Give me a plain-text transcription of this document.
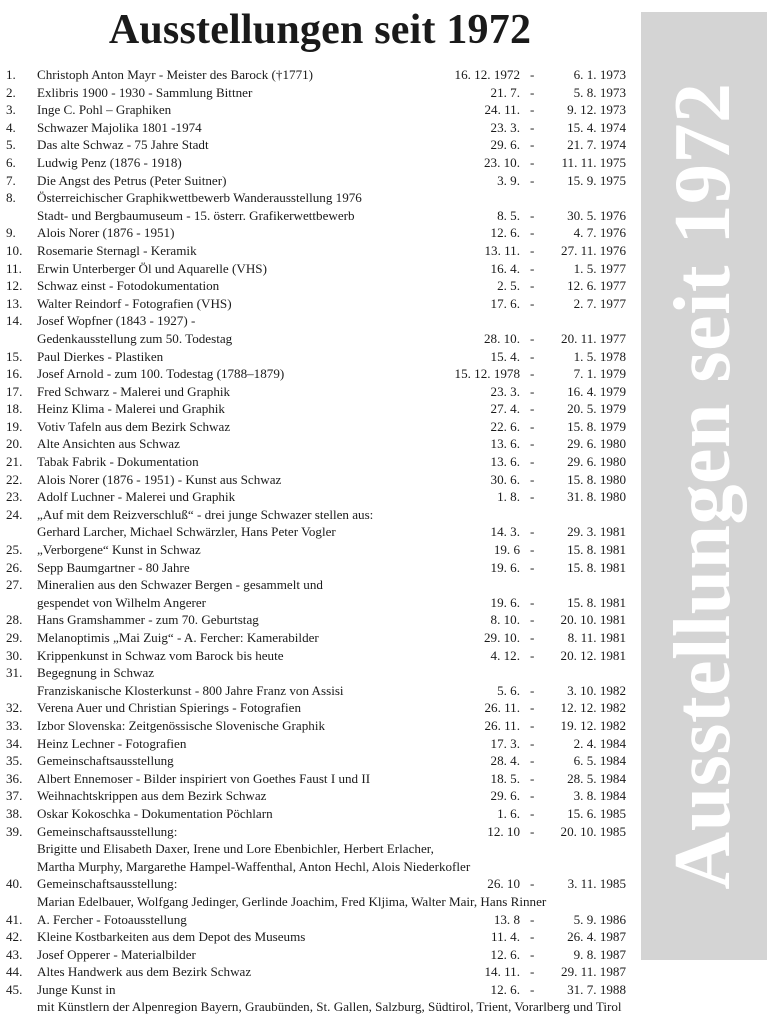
Ausstellungen seit 1972
Ausstellungen seit 1972
1. Christoph Anton Mayr - Meister des Barock (†1771)	16. 12. 1972 -	6. 1. 1973
2. Exlibris 1900 - 1930 - Sammlung Bittner	21. 7. -	5. 8. 1973
3. Inge C. Pohl – Graphiken	24. 11. -	9. 12. 1973
4. Schwazer Majolika 1801 -1974	23. 3. -	15. 4. 1974
5. Das alte Schwaz - 75 Jahre Stadt	29. 6. -	21. 7. 1974
6. Ludwig Penz (1876 - 1918)	23. 10. -	11. 11. 1975
7. Die Angst des Petrus (Peter Suitner)	3. 9. -	15. 9. 1975
8. Österreichischer Graphikwettbewerb Wanderausstellung 1976
Stadt- und Bergbaumuseum - 15. österr. Grafikerwettbewerb	8. 5. -	30. 5. 1976
9. Alois Norer (1876 - 1951)	12. 6. -	4. 7. 1976
10. Rosemarie Sternagl - Keramik	13. 11. -	27. 11. 1976
11. Erwin Unterberger Öl und Aquarelle (VHS)	16. 4. -	1. 5. 1977
12. Schwaz einst - Fotodokumentation	2. 5. -	12. 6. 1977
13. Walter Reindorf - Fotografien (VHS)	17. 6. -	2. 7. 1977
14. Josef Wopfner (1843 - 1927) -
Gedenkausstellung zum 50. Todestag	28. 10. -	20. 11. 1977
15. Paul Dierkes - Plastiken	15. 4. -	1. 5. 1978
16. Josef Arnold - zum 100. Todestag (1788–1879)	15. 12. 1978 -	7. 1. 1979
17. Fred Schwarz - Malerei und Graphik	23. 3. -	16. 4. 1979
18. Heinz Klima - Malerei und Graphik	27. 4. -	20. 5. 1979
19. Votiv Tafeln aus dem Bezirk Schwaz	22. 6. -	15. 8. 1979
20. Alte Ansichten aus Schwaz	13. 6. -	29. 6. 1980
21. Tabak Fabrik - Dokumentation	13. 6. -	29. 6. 1980
22. Alois Norer (1876 - 1951) - Kunst aus Schwaz	30. 6. -	15. 8. 1980
23. Adolf Luchner - Malerei und Graphik	1. 8. -	31. 8. 1980
24. „Auf mit dem Reizverschluß“ - drei junge Schwazer stellen aus:
Gerhard Larcher, Michael Schwärzler, Hans Peter Vogler	14. 3. -	29. 3. 1981
25. „Verborgene“ Kunst in Schwaz	19. 6 -	15. 8. 1981
26. Sepp Baumgartner - 80 Jahre	19. 6. -	15. 8. 1981
27. Mineralien aus den Schwazer Bergen - gesammelt und
gespendet von Wilhelm Angerer	19. 6. -	15. 8. 1981
28. Hans Gramshammer - zum 70. Geburtstag	8. 10. -	20. 10. 1981
29. Melanoptimis „Mai Zuig“ - A. Fercher: Kamerabilder	29. 10. -	8. 11. 1981
30. Krippenkunst in Schwaz vom Barock bis heute	4. 12. -	20. 12. 1981
31. Begegnung in Schwaz
Franziskanische Klosterkunst - 800 Jahre Franz von Assisi	5. 6. -	3. 10. 1982
32. Verena Auer und Christian Spierings - Fotografien	26. 11. -	12. 12. 1982
33. Izbor Slovenska: Zeitgenössische Slovenische Graphik	26. 11. -	19. 12. 1982
34. Heinz Lechner - Fotografien	17. 3. -	2. 4. 1984
35. Gemeinschaftsausstellung	28. 4. -	6. 5. 1984
36. Albert Ennemoser - Bilder inspiriert von Goethes Faust I und II	18. 5. -	28. 5. 1984
37. Weihnachtskrippen aus dem Bezirk Schwaz	29. 6. -	3. 8. 1984
38. Oskar Kokoschka - Dokumentation Pöchlarn	1. 6. -	15. 6. 1985
39. Gemeinschaftsausstellung:	12. 10 -	20. 10. 1985
Brigitte und Elisabeth Daxer, Irene und Lore Ebenbichler, Herbert Erlacher,
Martha Murphy, Margarethe Hampel-Waffenthal, Anton Hechl, Alois Niederkofler
40. Gemeinschaftsausstellung:	26. 10 -	3. 11. 1985
Marian Edelbauer, Wolfgang Jedinger, Gerlinde Joachim, Fred Kljima, Walter Mair, Hans Rinner
41. A. Fercher - Fotoausstellung	13. 8 -	5. 9. 1986
42. Kleine Kostbarkeiten aus dem Depot des Museums	11. 4. -	26. 4. 1987
43. Josef Opperer - Materialbilder	12. 6. -	9. 8. 1987
44. Altes Handwerk aus dem Bezirk Schwaz	14. 11. -	29. 11. 1987
45. Junge Kunst in	12. 6. -	31. 7. 1988
mit Künstlern der Alpenregion Bayern, Graubünden, St. Gallen, Salzburg, Südtirol, Trient, Vorarlberg und Tirol
